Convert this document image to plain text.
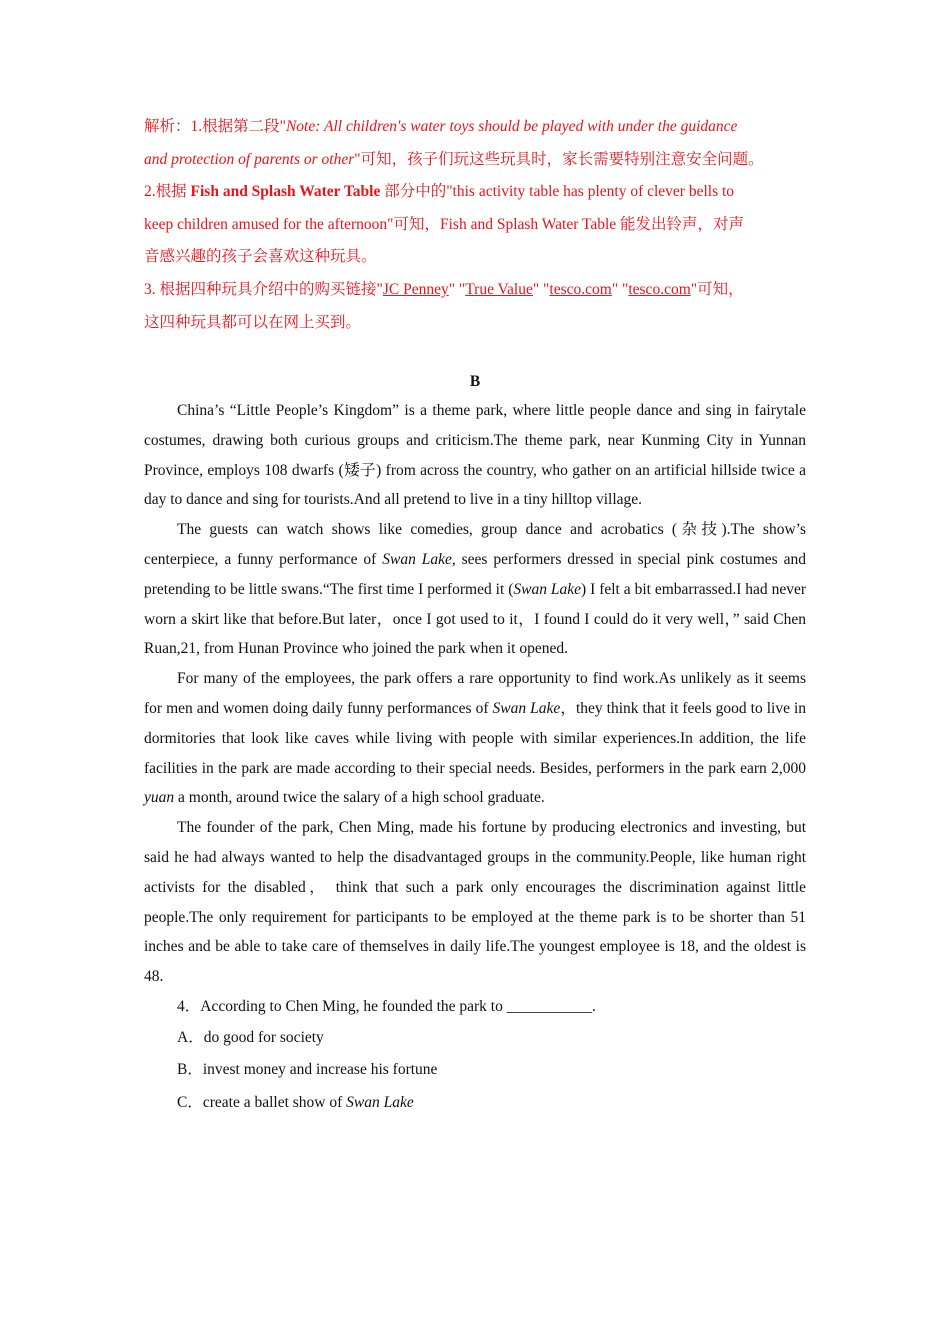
解析：1.根据第二段"Note: All children's water toys should be played with under the guidance
and protection of parents or other"可知，孩子们玩这些玩具时，家长需要特别注意安全问题。
2.根据 Fish and Splash Water Table 部分中的"this activity table has plenty of clever bells to
keep children amused for the afternoon"可知，Fish and Splash Water Table 能发出铃声，对声
音感兴趣的孩子会喜欢这种玩具。
3. 根据四种玩具介绍中的购买链接"JC Penney" "True Value" "tesco.com" "tesco.com"可知，
这四种玩具都可以在网上买到。
B

China’s “Little People’s Kingdom” is a theme park, where little people dance and sing in fairytale costumes, drawing both curious groups and criticism.The theme park, near Kunming City in Yunnan Province, employs 108 dwarfs (矮子) from across the country, who gather on an artificial hillside twice a day to dance and sing for tourists.And all pretend to live in a tiny hilltop village.

The guests can watch shows like comedies, group dance and acrobatics (杂技).The show’s centerpiece, a funny performance of Swan Lake, sees performers dressed in special pink costumes and pretending to be little swans.“The first time I performed it (Swan Lake) I felt a bit embarrassed.I had never worn a skirt like that before.But later，once I got used to it，I found I could do it very well，” said Chen Ruan,21, from Hunan Province who joined the park when it opened.

For many of the employees, the park offers a rare opportunity to find work.As unlikely as it seems for men and women doing daily funny performances of Swan Lake，they think that it feels good to live in dormitories that look like caves while living with people with similar experiences.In addition, the life facilities in the park are made according to their special needs. Besides, performers in the park earn 2,000 yuan a month, around twice the salary of a high school graduate.

The founder of the park, Chen Ming, made his fortune by producing electronics and investing, but said he had always wanted to help the disadvantaged groups in the community.People, like human right activists for the disabled， think that such a park only encourages the discrimination against little people.The only requirement for participants to be employed at the theme park is to be shorter than 51 inches and be able to take care of themselves in daily life.The youngest employee is 18, and the oldest is 48.

4．According to Chen Ming, he founded the park to ___________.
A．do good for society
B．invest money and increase his fortune
C．create a ballet show of Swan Lake
